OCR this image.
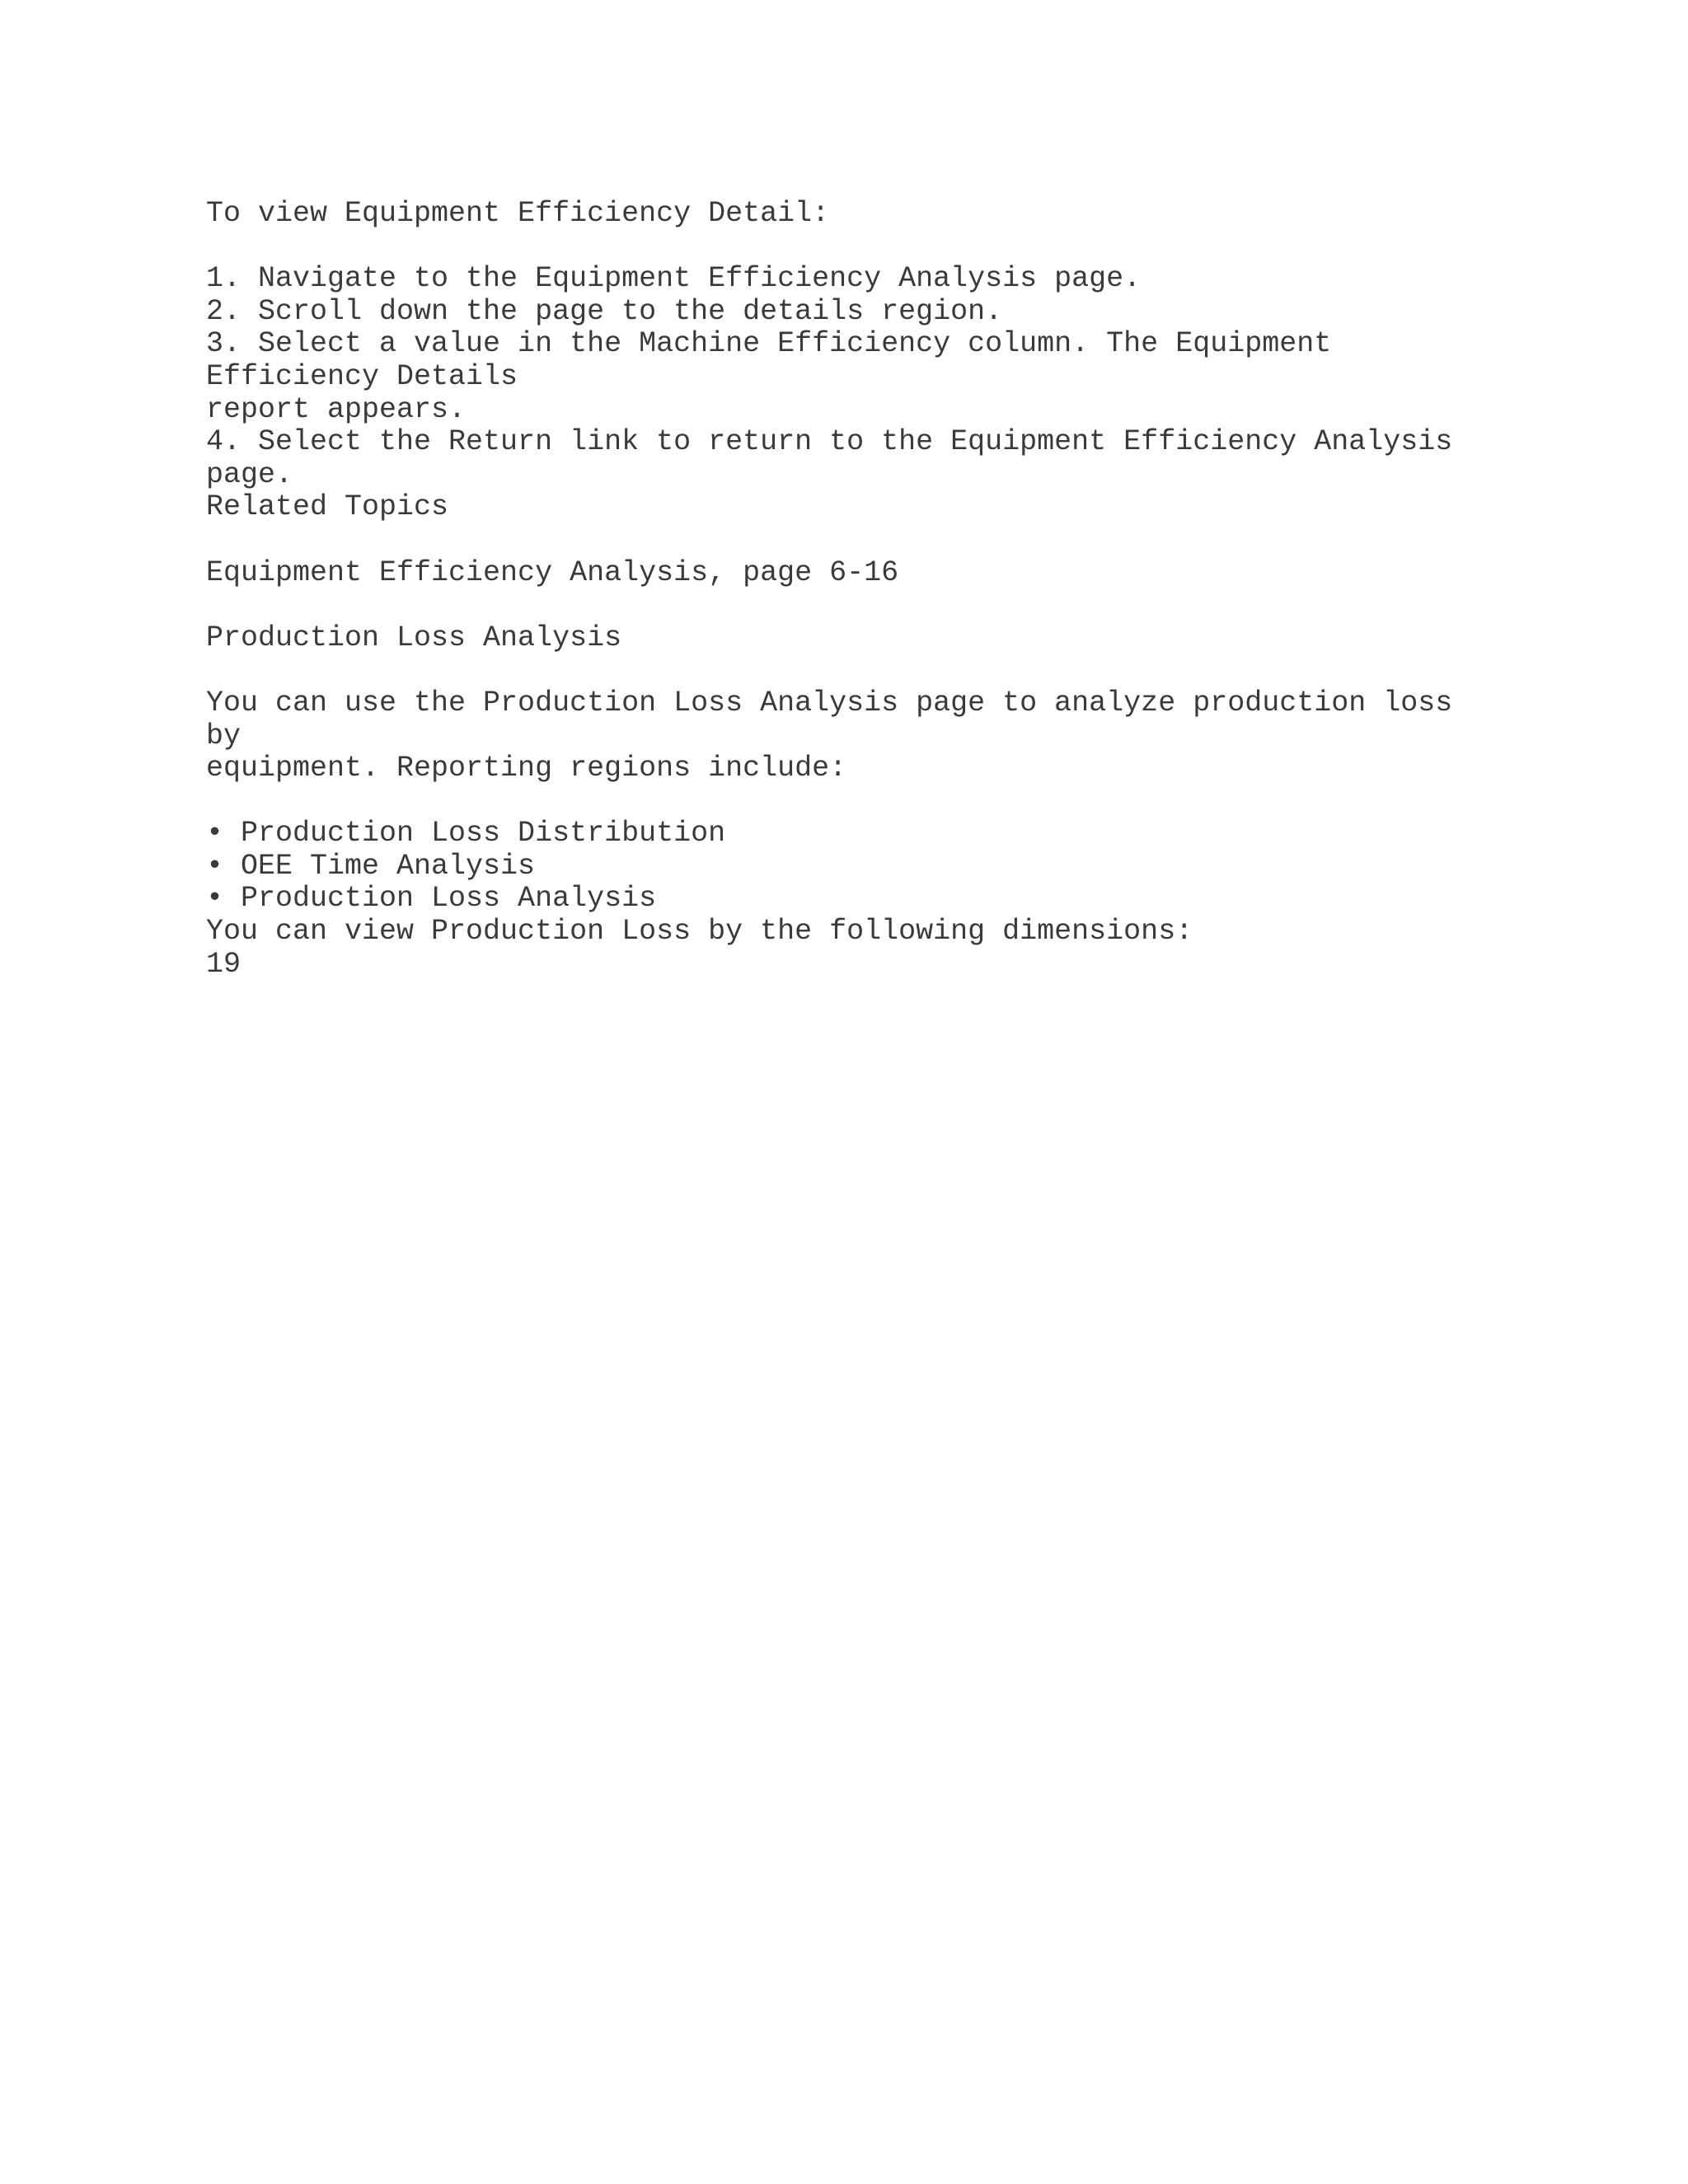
To view Equipment Efficiency Detail:
1. Navigate to the Equipment Efficiency Analysis page.
2. Scroll down the page to the details region.
3. Select a value in the Machine Efficiency column. The Equipment
Efficiency Details
report appears.
4. Select the Return link to return to the Equipment Efficiency Analysis
page.
Related Topics
Equipment Efficiency Analysis, page 6-16
Production Loss Analysis
You can use the Production Loss Analysis page to analyze production loss
by
equipment. Reporting regions include:
• Production Loss Distribution
• OEE Time Analysis
• Production Loss Analysis
You can view Production Loss by the following dimensions:
19
